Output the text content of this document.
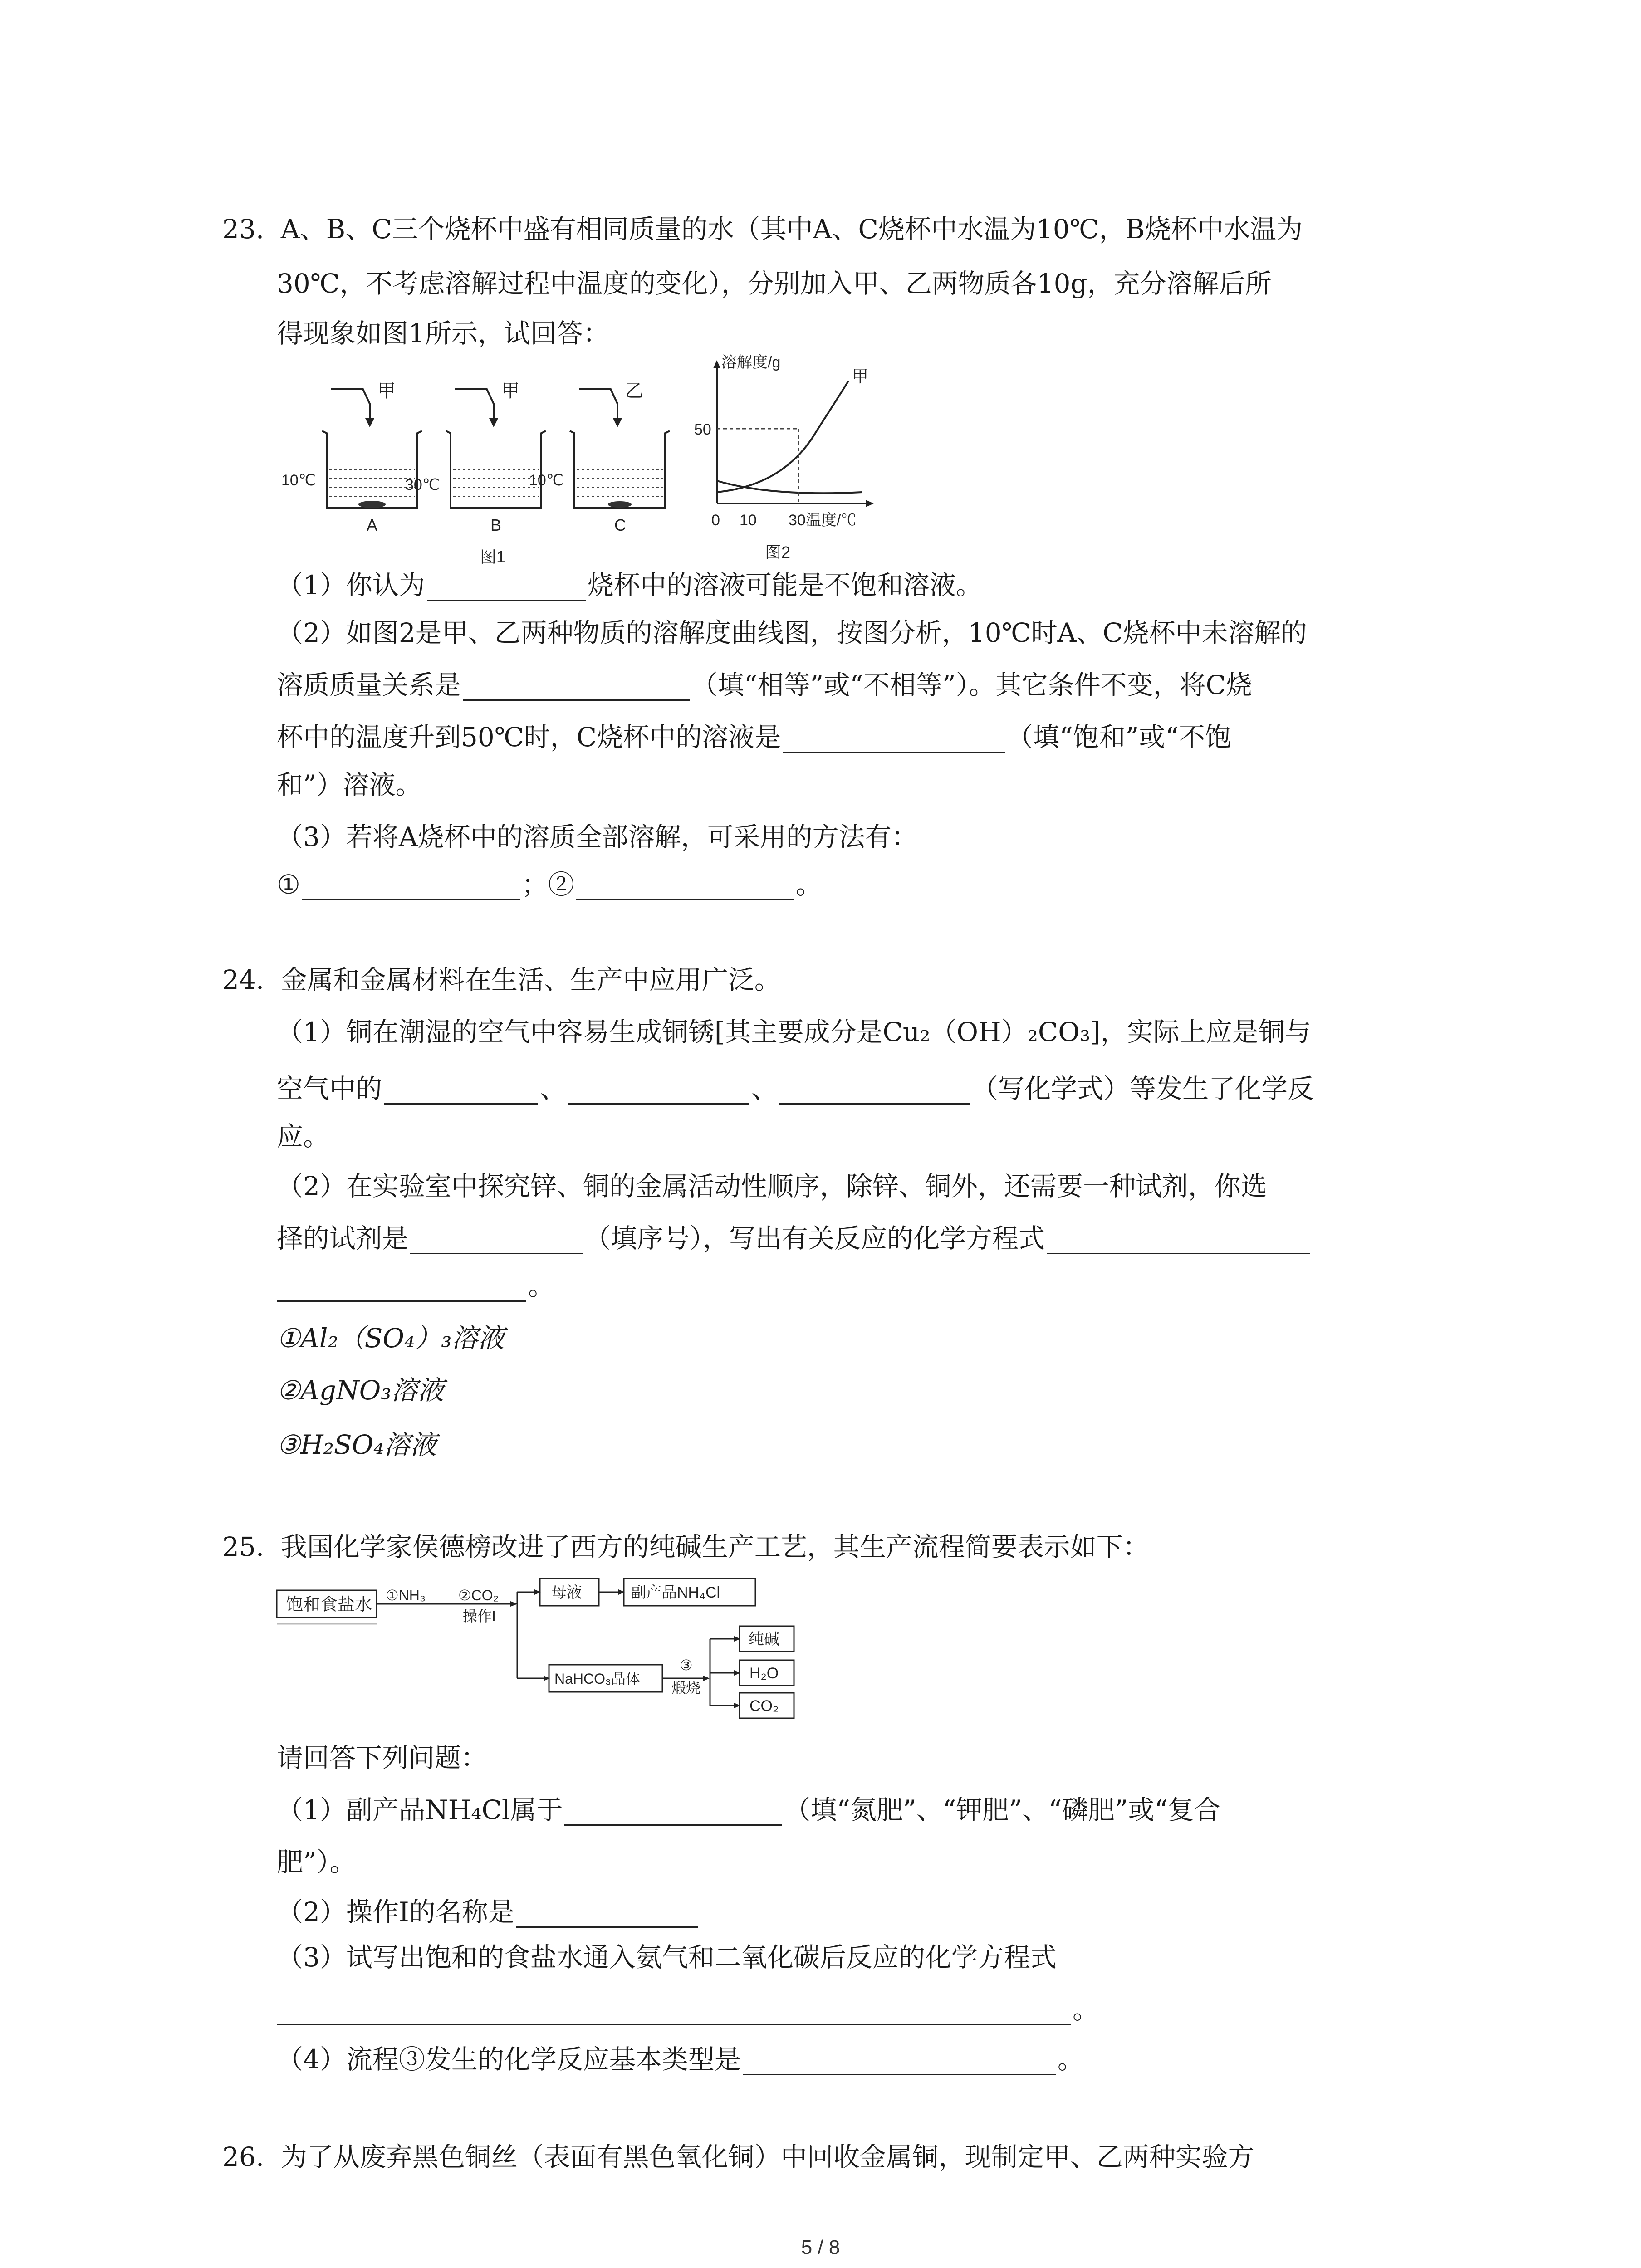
23. A、B、C三个烧杯中盛有相同质量的水（其中A、C烧杯中水温为10℃，B烧杯中水温为
30℃，不考虑溶解过程中温度的变化），分别加入甲、乙两物质各10g，充分溶解后所
得现象如图1所示，试回答：
甲	甲	乙
10℃	30℃	10℃
A	B	C
图1
溶解度/g
甲
50
0 10 30 温度/℃
图2
（1）你认为	烧杯中的溶液可能是不饱和溶液。
（2）如图2是甲、乙两种物质的溶解度曲线图，按图分析，10℃时A、C烧杯中未溶解的
溶质质量关系是	（填“相等”或“不相等”）。其它条件不变，将C烧
杯中的温度升到50℃时，C烧杯中的溶液是	（填“饱和”或“不饱
和”）溶液。
（3）若将A烧杯中的溶质全部溶解，可采用的方法有：
①	；②	。
24. 金属和金属材料在生活、生产中应用广泛。
（1）铜在潮湿的空气中容易生成铜锈[其主要成分是Cu₂（OH）₂CO₃]，实际上应是铜与
空气中的	、	、	（写化学式）等发生了化学反
应。
（2）在实验室中探究锌、铜的金属活动性顺序，除锌、铜外，还需要一种试剂，你选
择的试剂是	（填序号），写出有关反应的化学方程式
。
①Al₂（SO₄）₃溶液
②AgNO₃溶液
③H₂SO₄溶液
25. 我国化学家侯德榜改进了西方的纯碱生产工艺，其生产流程简要表示如下：
饱和食盐水 ①NH₃ ②CO₂
操作I
母液	副产品NH₄Cl
NaHCO₃晶体
③
煅烧
纯碱
H₂O
CO₂
请回答下列问题：
（1）副产品NH₄Cl属于	（填“氮肥”、“钾肥”、“磷肥”或“复合
肥”）。
（2）操作I的名称是
（3）试写出饱和的食盐水通入氨气和二氧化碳后反应的化学方程式
。
（4）流程③发生的化学反应基本类型是	。
26. 为了从废弃黑色铜丝（表面有黑色氧化铜）中回收金属铜，现制定甲、乙两种实验方
5 / 8
